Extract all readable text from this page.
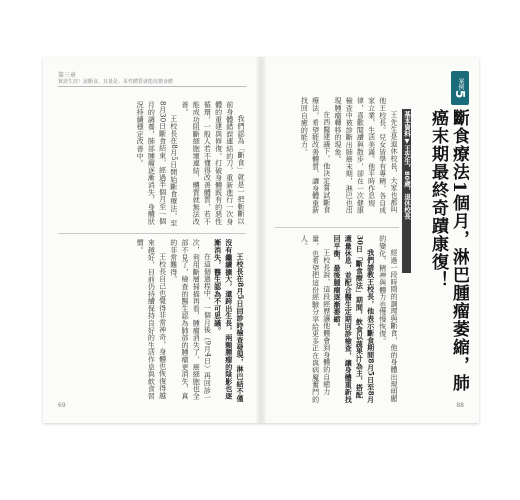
第三章
實證生技！說斷食、其量是、哥性體質就能改變身體

我們認為「斷食」就是一把斬斷以前身體錯誤連結的刀，重新進行一次身體的重建與修復，打破身體既有的惡性循環，一般人若不懂得改善體質，若不能成功阻斷細胞壞連結，體質就無法改善。

王校長在8月5日開始斷食療法，至8月30日斷食結束，經過半個月至一個月的調養，肺部腫瘤逐漸消失，身體狀況持續穩定改善中。

王校長在8月5日回診時檢查發現，淋巴結不僅沒有繼續擴大，還跨出生長，兩顆腫瘤的陰影也逐漸消失，醫生認為不可思議。

在這個過程中，一個月後（9月4日）再回診一次，利用斷層掃描再看，腫瘤消失了，癌細胞也全部不見了，檢查的醫生認為肺部的腫瘤更消失，真的非常難得。

王校長自己也覺得非常神奇，身體也恢復得越來越好，目前仍持續保持良好的生活作息與飲食習慣。

69
案例5
斷食療法1個月，淋巴腫瘤萎縮，肺癌末期最終奇蹟康復！
基本資料▼王先生，80歲，退休校長

王先生是退休校長，大家也都叫他王校長。兒女皆學有專精，各自成家立業，生活美滿。他平時作息規律，喜歡閱讀與散步，卻在一次健康檢查中被診斷出肺癌末期，淋巴也出現腫瘤轉移的現象。

在西醫建議下，他決定嘗試斷食療法，希望能改善體質，讓身體重新找回自癒的能力。

經過一段時間的調理與斷食，他的身體出現明顯的變化，精神與體力也慢慢恢復。

我們請教王校長，他表示斷食期間8月5日至8月30日「斷食療法」期間，飲食以蔬果汁為主，搭配適量休息，並配合醫生定期回診檢查，讓身體重新找回平衡，最後腫瘤逐漸萎縮。

王校長說，這段經歷讓他體會到身體的自癒力量，也希望把這份經驗分享給更多正在與病魔奮鬥的人。

88
